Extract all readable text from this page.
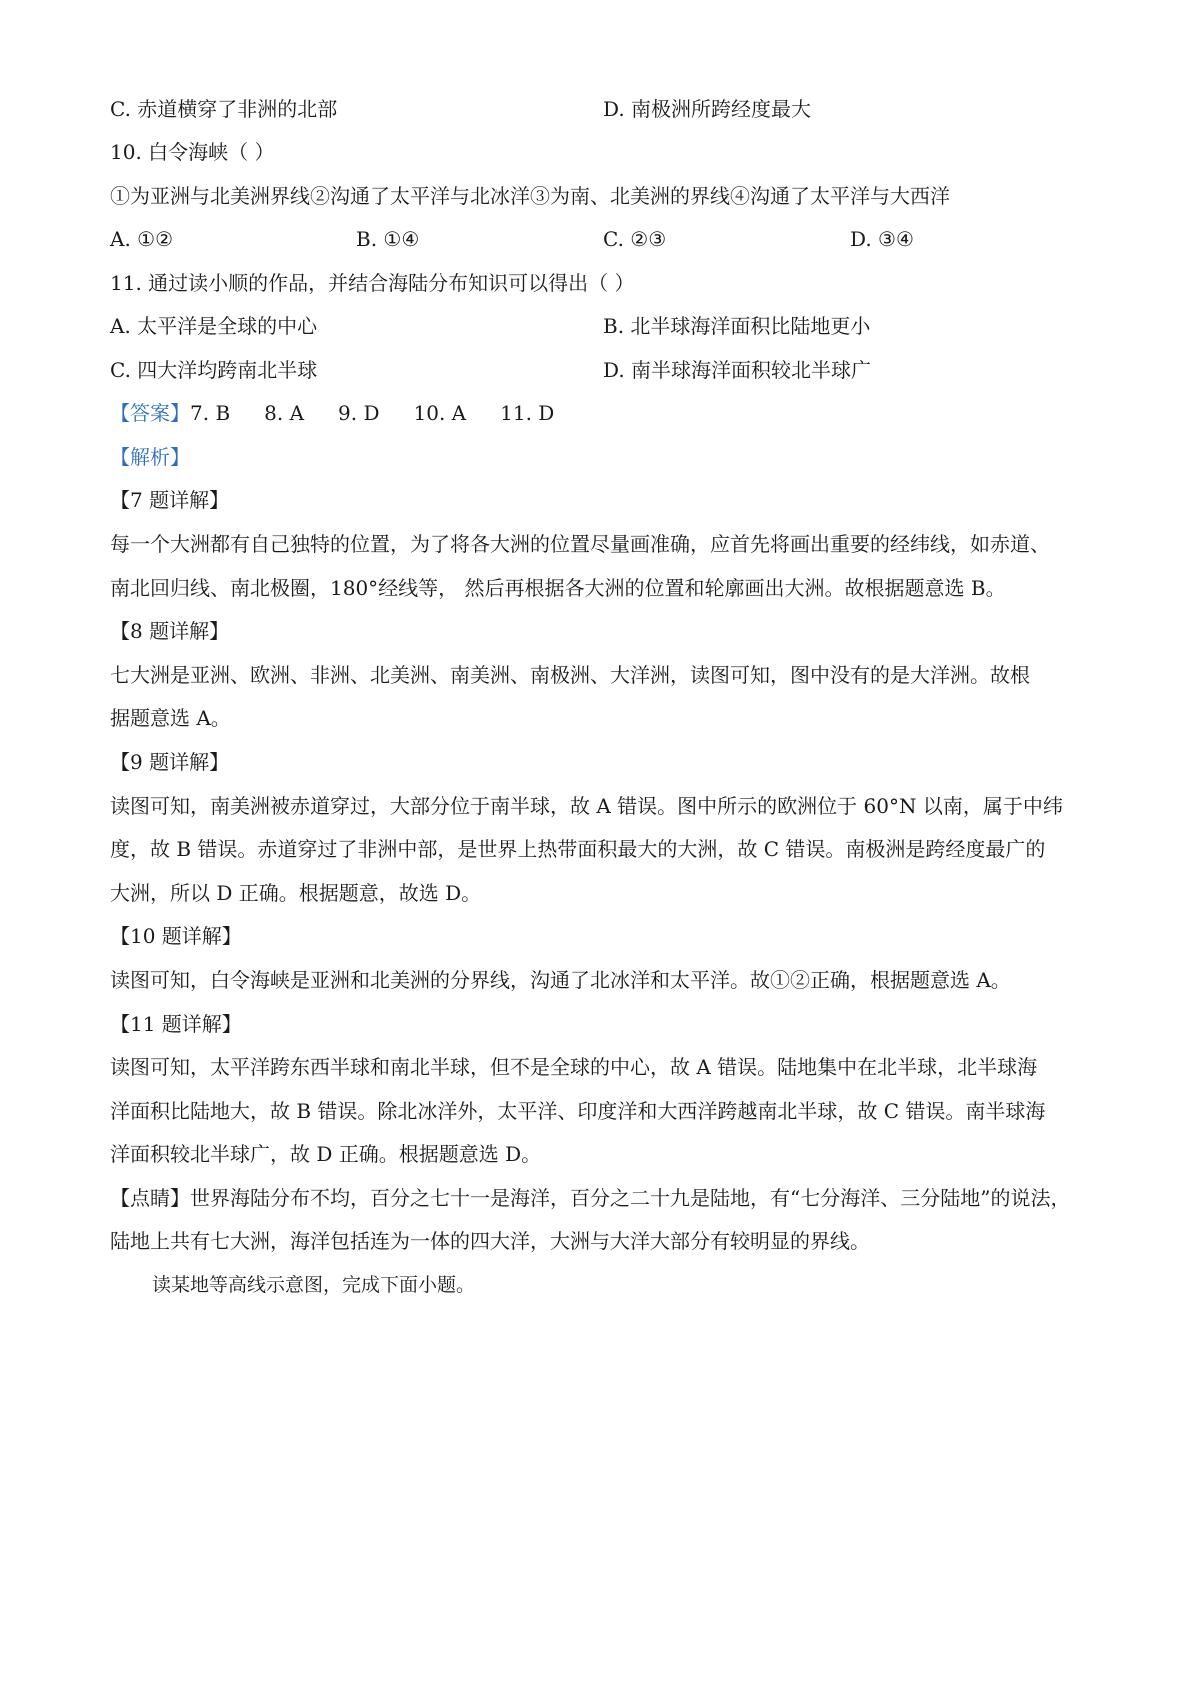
C. 赤道横穿了非洲的北部	D. 南极洲所跨经度最大
10. 白令海峡（ ）
①为亚洲与北美洲界线②沟通了太平洋与北冰洋③为南、北美洲的界线④沟通了太平洋与大西洋
A. ①②	B. ①④	C. ②③	D. ③④
11. 通过读小顺的作品，并结合海陆分布知识可以得出（ ）
A. 太平洋是全球的中心	B. 北半球海洋面积比陆地更小
C. 四大洋均跨南北半球	D. 南半球海洋面积较北半球广
【答案】7. B 8. A 9. D 10. A 11. D
【解析】
【7 题详解】
每一个大洲都有自己独特的位置，为了将各大洲的位置尽量画准确，应首先将画出重要的经纬线，如赤道、
南北回归线、南北极圈，180°经线等， 然后再根据各大洲的位置和轮廓画出大洲。故根据题意选 B。
【8 题详解】
七大洲是亚洲、欧洲、非洲、北美洲、南美洲、南极洲、大洋洲，读图可知，图中没有的是大洋洲。故根
据题意选 A。
【9 题详解】
读图可知，南美洲被赤道穿过，大部分位于南半球，故 A 错误。图中所示的欧洲位于 60°N 以南，属于中纬
度，故 B 错误。赤道穿过了非洲中部，是世界上热带面积最大的大洲，故 C 错误。南极洲是跨经度最广的
大洲，所以 D 正确。根据题意，故选 D。
【10 题详解】
读图可知，白令海峡是亚洲和北美洲的分界线，沟通了北冰洋和太平洋。故①②正确，根据题意选 A。
【11 题详解】
读图可知，太平洋跨东西半球和南北半球，但不是全球的中心，故 A 错误。陆地集中在北半球，北半球海
洋面积比陆地大，故 B 错误。除北冰洋外，太平洋、印度洋和大西洋跨越南北半球，故 C 错误。南半球海
洋面积较北半球广，故 D 正确。根据题意选 D。
【点睛】世界海陆分布不均，百分之七十一是海洋，百分之二十九是陆地，有“七分海洋、三分陆地”的说法，
陆地上共有七大洲，海洋包括连为一体的四大洋，大洲与大洋大部分有较明显的界线。
读某地等高线示意图，完成下面小题。
